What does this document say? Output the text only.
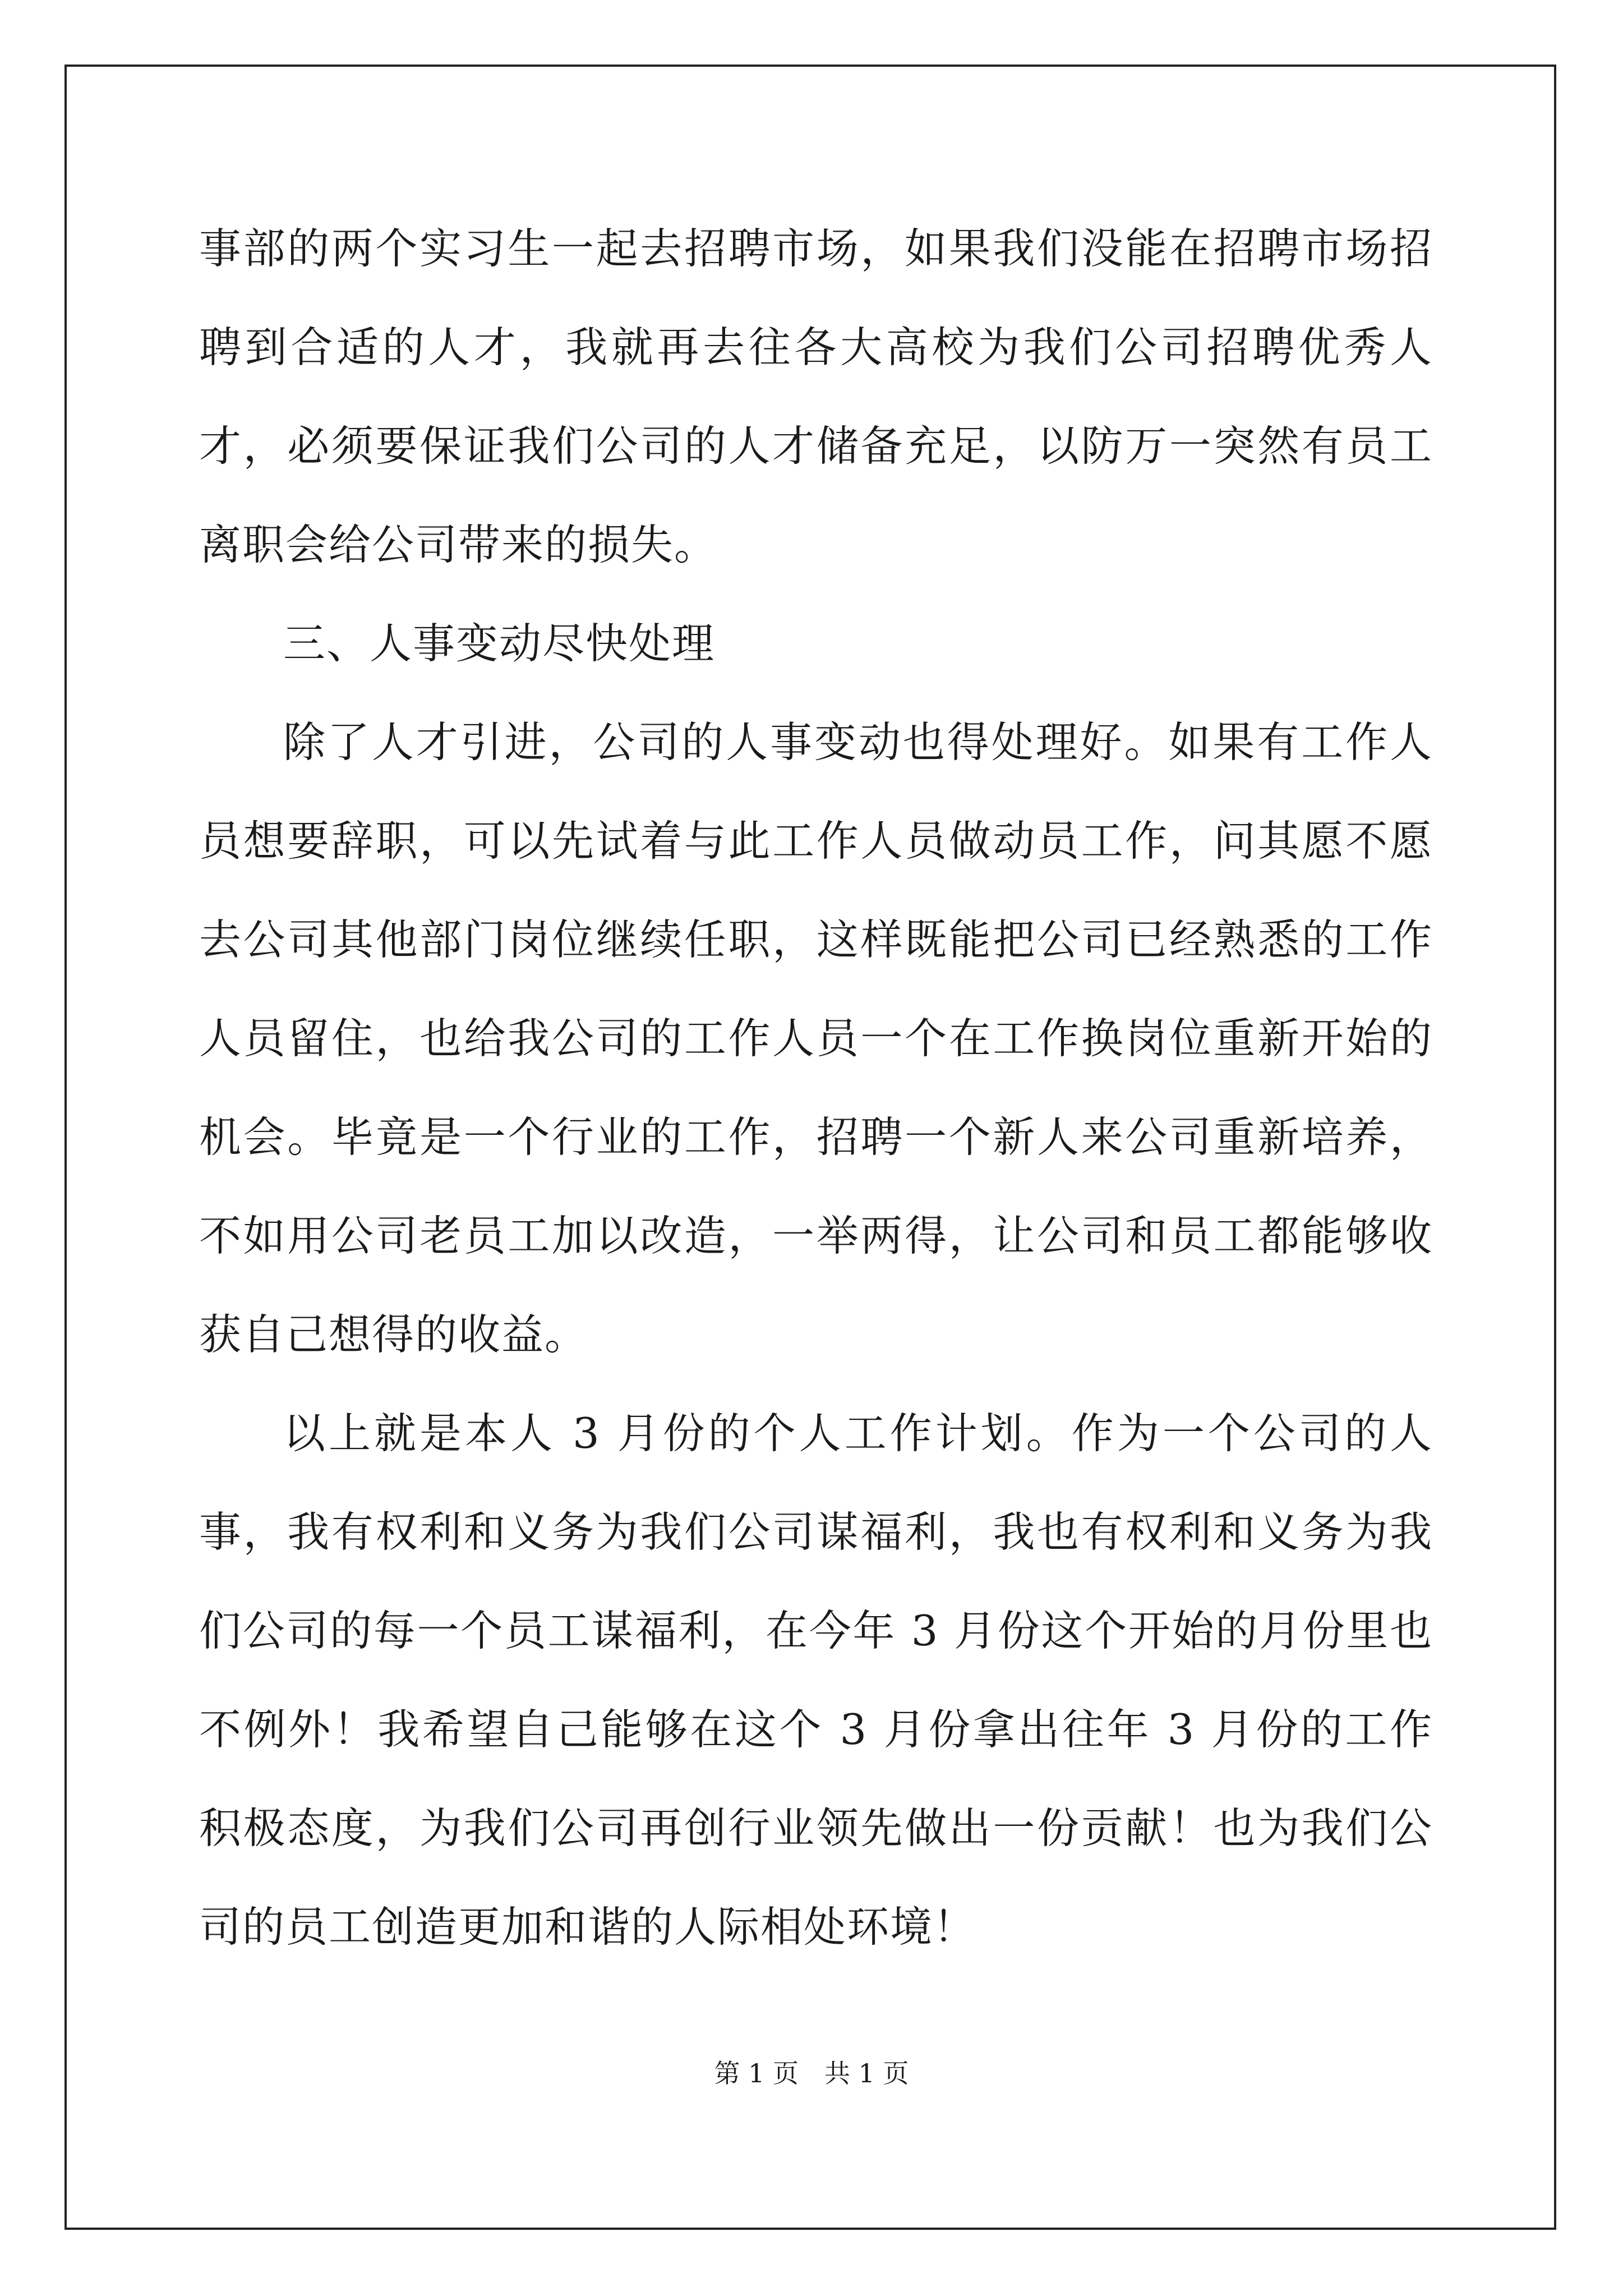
事部的两个实习生一起去招聘市场，如果我们没能在招聘市场招聘到合适的人才，我就再去往各大高校为我们公司招聘优秀人才，必须要保证我们公司的人才储备充足，以防万一突然有员工离职会给公司带来的损失。

三、人事变动尽快处理

除了人才引进，公司的人事变动也得处理好。如果有工作人员想要辞职，可以先试着与此工作人员做动员工作，问其愿不愿去公司其他部门岗位继续任职，这样既能把公司已经熟悉的工作人员留住，也给我公司的工作人员一个在工作换岗位重新开始的机会。毕竟是一个行业的工作，招聘一个新人来公司重新培养，不如用公司老员工加以改造，一举两得，让公司和员工都能够收获自己想得的收益。

以上就是本人 3 月份的个人工作计划。作为一个公司的人事，我有权利和义务为我们公司谋福利，我也有权利和义务为我们公司的每一个员工谋福利，在今年 3 月份这个开始的月份里也不例外！我希望自己能够在这个 3 月份拿出往年 3 月份的工作积极态度，为我们公司再创行业领先做出一份贡献！也为我们公司的员工创造更加和谐的人际相处环境！

第 1 页　共 1 页
